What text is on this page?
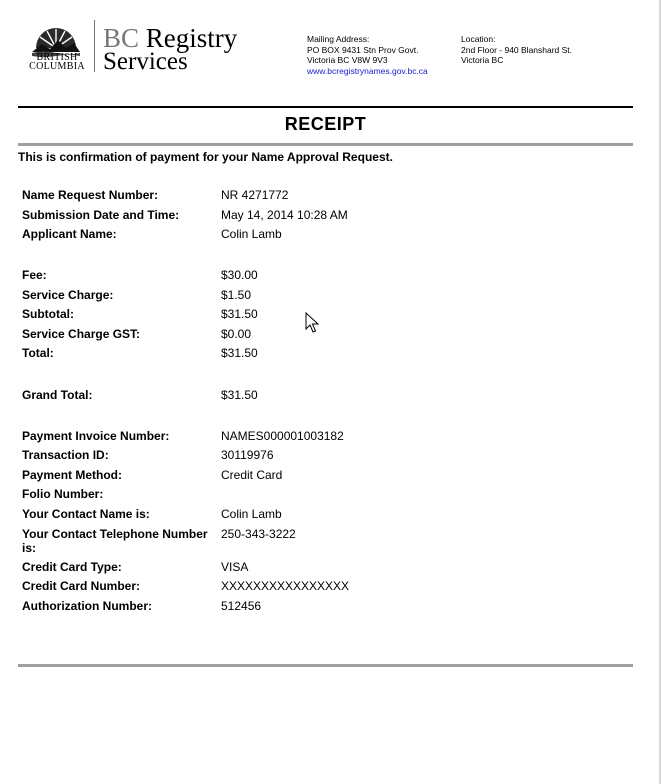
BRITISH
COLUMBIA
BC Registry
Services
Mailing Address:
PO BOX 9431 Stn Prov Govt.
Victoria BC V8W 9V3
www.bcregistrynames.gov.bc.ca
Location:
2nd Floor - 940 Blanshard St.
Victoria BC
RECEIPT
This is confirmation of payment for your Name Approval Request.
Name Request Number:	NR 4271772
Submission Date and Time:	May 14, 2014 10:28 AM
Applicant Name:	Colin Lamb
Fee:	$30.00
Service Charge:	$1.50
Subtotal:	$31.50
Service Charge GST:	$0.00
Total:	$31.50
Grand Total:	$31.50
Payment Invoice Number:	NAMES000001003182
Transaction ID:	30119976
Payment Method:	Credit Card
Folio Number:
Your Contact Name is:	Colin Lamb
Your Contact Telephone Number is:
250-343-3222
Credit Card Type:	VISA
Credit Card Number:	XXXXXXXXXXXXXXXX
Authorization Number:	512456
